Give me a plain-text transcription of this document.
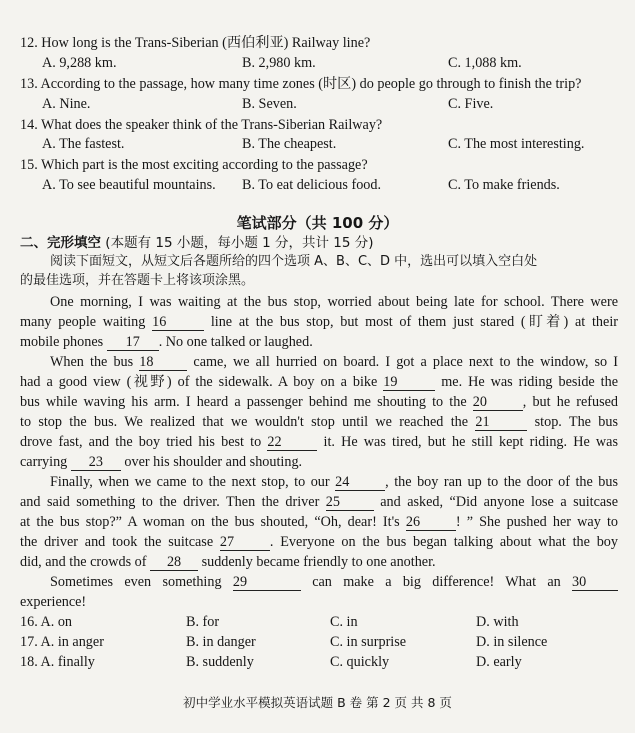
12. How long is the Trans-Siberian (西伯利亚) Railway line?
A. 9,288 km.	B. 2,980 km.	C. 1,088 km.
13. According to the passage, how many time zones (时区) do people go through to finish the trip?
A. Nine.	B. Seven.	C. Five.
14. What does the speaker think of the Trans-Siberian Railway?
A. The fastest.	B. The cheapest.	C. The most interesting.
15. Which part is the most exciting according to the passage?
A. To see beautiful mountains. B. To eat delicious food.	C. To make friends.
笔试部分（共 100 分）
二、完形填空 (本题有 15 小题，每小题 1 分，共计 15 分)
阅读下面短文，从短文后各题所给的四个选项 A、B、C、D 中，选出可以填入空白处
的最佳选项，并在答题卡上将该项涂黑。
One morning, I was waiting at the bus stop, worried about being late for school. There were
many people waiting 16	line at the bus stop, but most of them just stared (盯着) at their
mobile phones 17 . No one talked or laughed.
When the bus 18	came, we all hurried on board. I got a place next to the window, so I
had a good view (视野) of the sidewalk. A boy on a bike 19	me. He was riding beside the
bus while waving his arm. I heard a passenger behind me shouting to the 20	, but he refused
to stop the bus. We realized that we wouldn't stop until we reached the 21	stop. The bus
drove fast, and the boy tried his best to 22	it. He was tired, but he still kept riding. He was
carrying 23 over his shoulder and shouting.
Finally, when we came to the next stop, to our 24	, the boy ran up to the door of the bus
and said something to the driver. Then the driver 25	and asked, “Did anyone lose a suitcase
at the bus stop?” A woman on the bus shouted, “Oh, dear! It's 26	! ” She pushed her way to
the driver and took the suitcase 27	. Everyone on the bus began talking about what the boy
did, and the crowds of 28 suddenly became friendly to one another.
Sometimes even something 29	can make a big difference! What an 30
experience!
16. A. on	B. for	C. in	D. with
17. A. in anger	B. in danger	C. in surprise	D. in silence
18. A. finally	B. suddenly	C. quickly	D. early
初中学业水平模拟英语试题 B 卷 第 2 页 共 8 页
